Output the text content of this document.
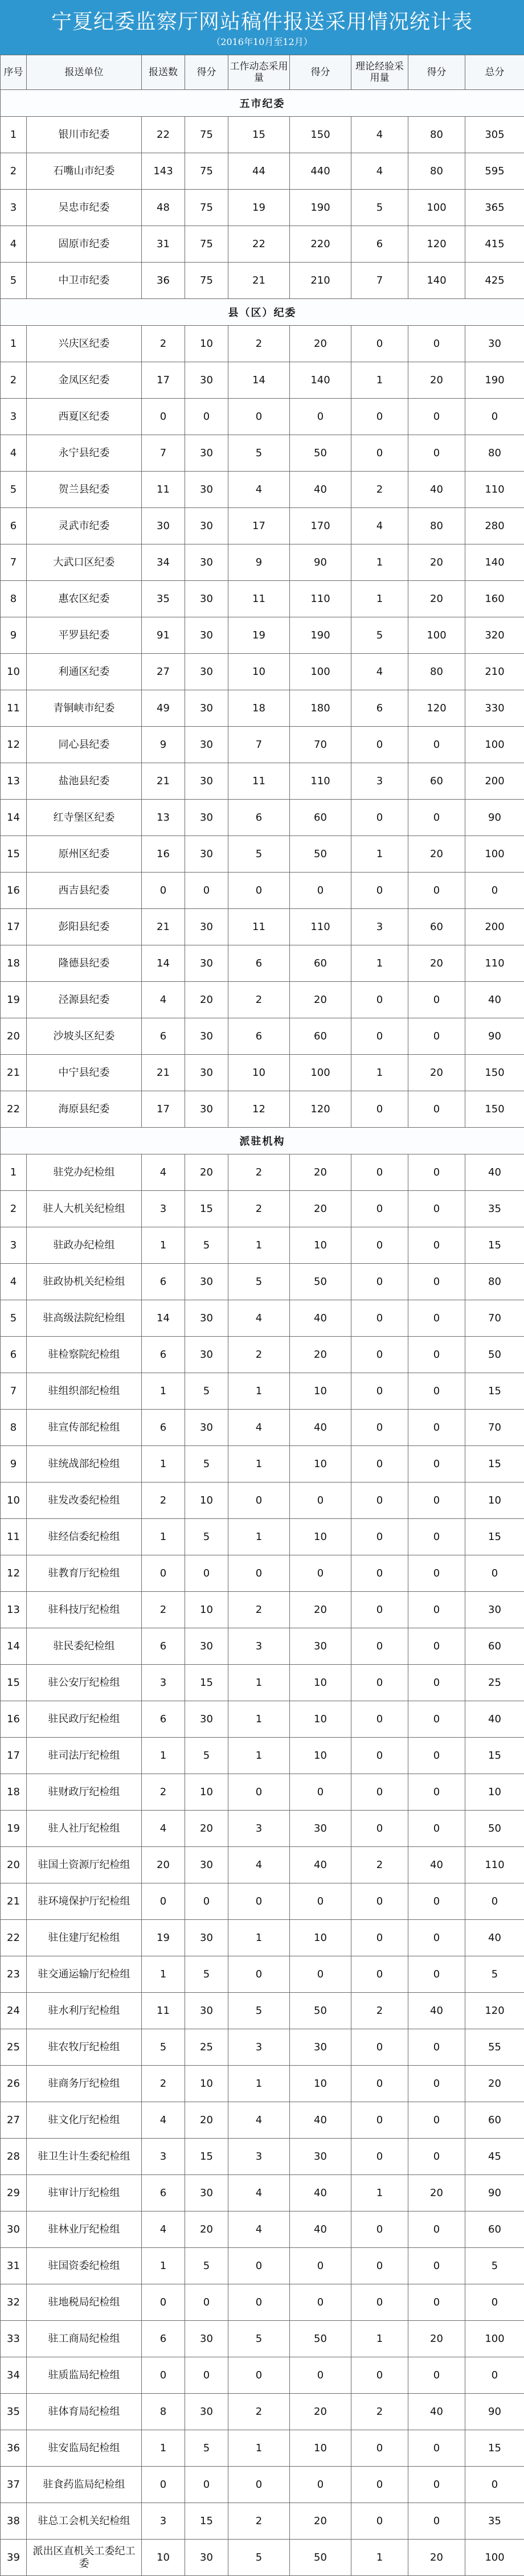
宁夏纪委监察厅网站稿件报送采用情况统计表
（2016年10月至12月）
序号	报送单位	报送数	得分	工作动态采用量	得分	理论经验采用量	得分	总分
五市纪委								
1	银川市纪委	22	75	15	150	4	80	305
2	石嘴山市纪委	143	75	44	440	4	80	595
3	吴忠市纪委	48	75	19	190	5	100	365
4	固原市纪委	31	75	22	220	6	120	415
5	中卫市纪委	36	75	21	210	7	140	425
县（区）纪委								
1	兴庆区纪委	2	10	2	20	0	0	30
2	金凤区纪委	17	30	14	140	1	20	190
3	西夏区纪委	0	0	0	0	0	0	0
4	永宁县纪委	7	30	5	50	0	0	80
5	贺兰县纪委	11	30	4	40	2	40	110
6	灵武市纪委	30	30	17	170	4	80	280
7	大武口区纪委	34	30	9	90	1	20	140
8	惠农区纪委	35	30	11	110	1	20	160
9	平罗县纪委	91	30	19	190	5	100	320
10	利通区纪委	27	30	10	100	4	80	210
11	青铜峡市纪委	49	30	18	180	6	120	330
12	同心县纪委	9	30	7	70	0	0	100
13	盐池县纪委	21	30	11	110	3	60	200
14	红寺堡区纪委	13	30	6	60	0	0	90
15	原州区纪委	16	30	5	50	1	20	100
16	西吉县纪委	0	0	0	0	0	0	0
17	彭阳县纪委	21	30	11	110	3	60	200
18	隆德县纪委	14	30	6	60	1	20	110
19	泾源县纪委	4	20	2	20	0	0	40
20	沙坡头区纪委	6	30	6	60	0	0	90
21	中宁县纪委	21	30	10	100	1	20	150
22	海原县纪委	17	30	12	120	0	0	150
派驻机构								
1	驻党办纪检组	4	20	2	20	0	0	40
2	驻人大机关纪检组	3	15	2	20	0	0	35
3	驻政办纪检组	1	5	1	10	0	0	15
4	驻政协机关纪检组	6	30	5	50	0	0	80
5	驻高级法院纪检组	14	30	4	40	0	0	70
6	驻检察院纪检组	6	30	2	20	0	0	50
7	驻组织部纪检组	1	5	1	10	0	0	15
8	驻宣传部纪检组	6	30	4	40	0	0	70
9	驻统战部纪检组	1	5	1	10	0	0	15
10	驻发改委纪检组	2	10	0	0	0	0	10
11	驻经信委纪检组	1	5	1	10	0	0	15
12	驻教育厅纪检组	0	0	0	0	0	0	0
13	驻科技厅纪检组	2	10	2	20	0	0	30
14	驻民委纪检组	6	30	3	30	0	0	60
15	驻公安厅纪检组	3	15	1	10	0	0	25
16	驻民政厅纪检组	6	30	1	10	0	0	40
17	驻司法厅纪检组	1	5	1	10	0	0	15
18	驻财政厅纪检组	2	10	0	0	0	0	10
19	驻人社厅纪检组	4	20	3	30	0	0	50
20	驻国土资源厅纪检组	20	30	4	40	2	40	110
21	驻环境保护厅纪检组	0	0	0	0	0	0	0
22	驻住建厅纪检组	19	30	1	10	0	0	40
23	驻交通运输厅纪检组	1	5	0	0	0	0	5
24	驻水利厅纪检组	11	30	5	50	2	40	120
25	驻农牧厅纪检组	5	25	3	30	0	0	55
26	驻商务厅纪检组	2	10	1	10	0	0	20
27	驻文化厅纪检组	4	20	4	40	0	0	60
28	驻卫生计生委纪检组	3	15	3	30	0	0	45
29	驻审计厅纪检组	6	30	4	40	1	20	90
30	驻林业厅纪检组	4	20	4	40	0	0	60
31	驻国资委纪检组	1	5	0	0	0	0	5
32	驻地税局纪检组	0	0	0	0	0	0	0
33	驻工商局纪检组	6	30	5	50	1	20	100
34	驻质监局纪检组	0	0	0	0	0	0	0
35	驻体育局纪检组	8	30	2	20	2	40	90
36	驻安监局纪检组	1	5	1	10	0	0	15
37	驻食药监局纪检组	0	0	0	0	0	0	0
38	驻总工会机关纪检组	3	15	2	20	0	0	35
39	派出区直机关工委纪工委	10	30	5	50	1	20	100
